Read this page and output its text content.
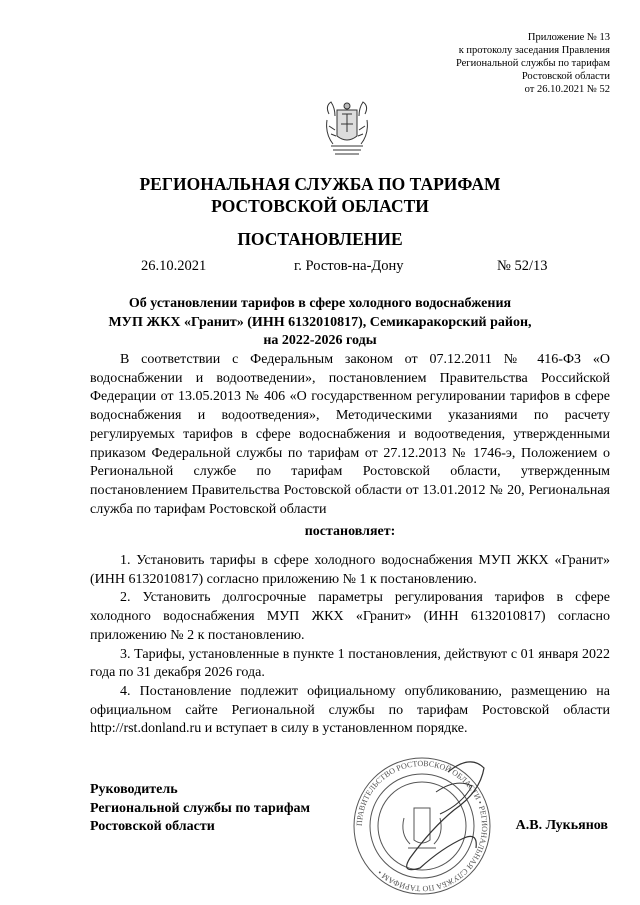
Приложение № 13
к протоколу заседания Правления
Региональной службы по тарифам
Ростовской области
от 26.10.2021 № 52
РЕГИОНАЛЬНАЯ СЛУЖБА ПО ТАРИФАМ
РОСТОВСКОЙ ОБЛАСТИ
ПОСТАНОВЛЕНИЕ
26.10.2021	г. Ростов-на-Дону	№ 52/13
Об установлении тарифов в сфере холодного водоснабжения
МУП ЖКХ «Гранит» (ИНН 6132010817), Семикаракорский район,
на 2022-2026 годы

В соответствии с Федеральным законом от 07.12.2011 № 416-ФЗ «О водоснабжении и водоотведении», постановлением Правительства Российской Федерации от 13.05.2013 № 406 «О государственном регулировании тарифов в сфере водоснабжения и водоотведения», Методическими указаниями по расчету регулируемых тарифов в сфере водоснабжения и водоотведения, утвержденными приказом Федеральной службы по тарифам от 27.12.2013 № 1746-э, Положением о Региональной службе по тарифам Ростовской области, утвержденным постановлением Правительства Ростовской области от 13.01.2012 № 20, Региональная служба по тарифам Ростовской области

постановляет:

1. Установить тарифы в сфере холодного водоснабжения МУП ЖКХ «Гранит» (ИНН 6132010817) согласно приложению № 1 к постановлению.

2. Установить долгосрочные параметры регулирования тарифов в сфере холодного водоснабжения МУП ЖКХ «Гранит» (ИНН 6132010817) согласно приложению № 2 к постановлению.

3. Тарифы, установленные в пункте 1 постановления, действуют с 01 января 2022 года по 31 декабря 2026 года.

4. Постановление подлежит официальному опубликованию, размещению на официальном сайте Региональной службы по тарифам Ростовской области http://rst.donland.ru и вступает в силу в установленном порядке.

Руководитель
Региональной службы по тарифам
Ростовской области	А.В. Лукьянов
ПРАВИТЕЛЬСТВО РОСТОВСКОЙ ОБЛАСТИ • РЕГИОНАЛЬНАЯ СЛУЖБА ПО ТАРИФАМ •
